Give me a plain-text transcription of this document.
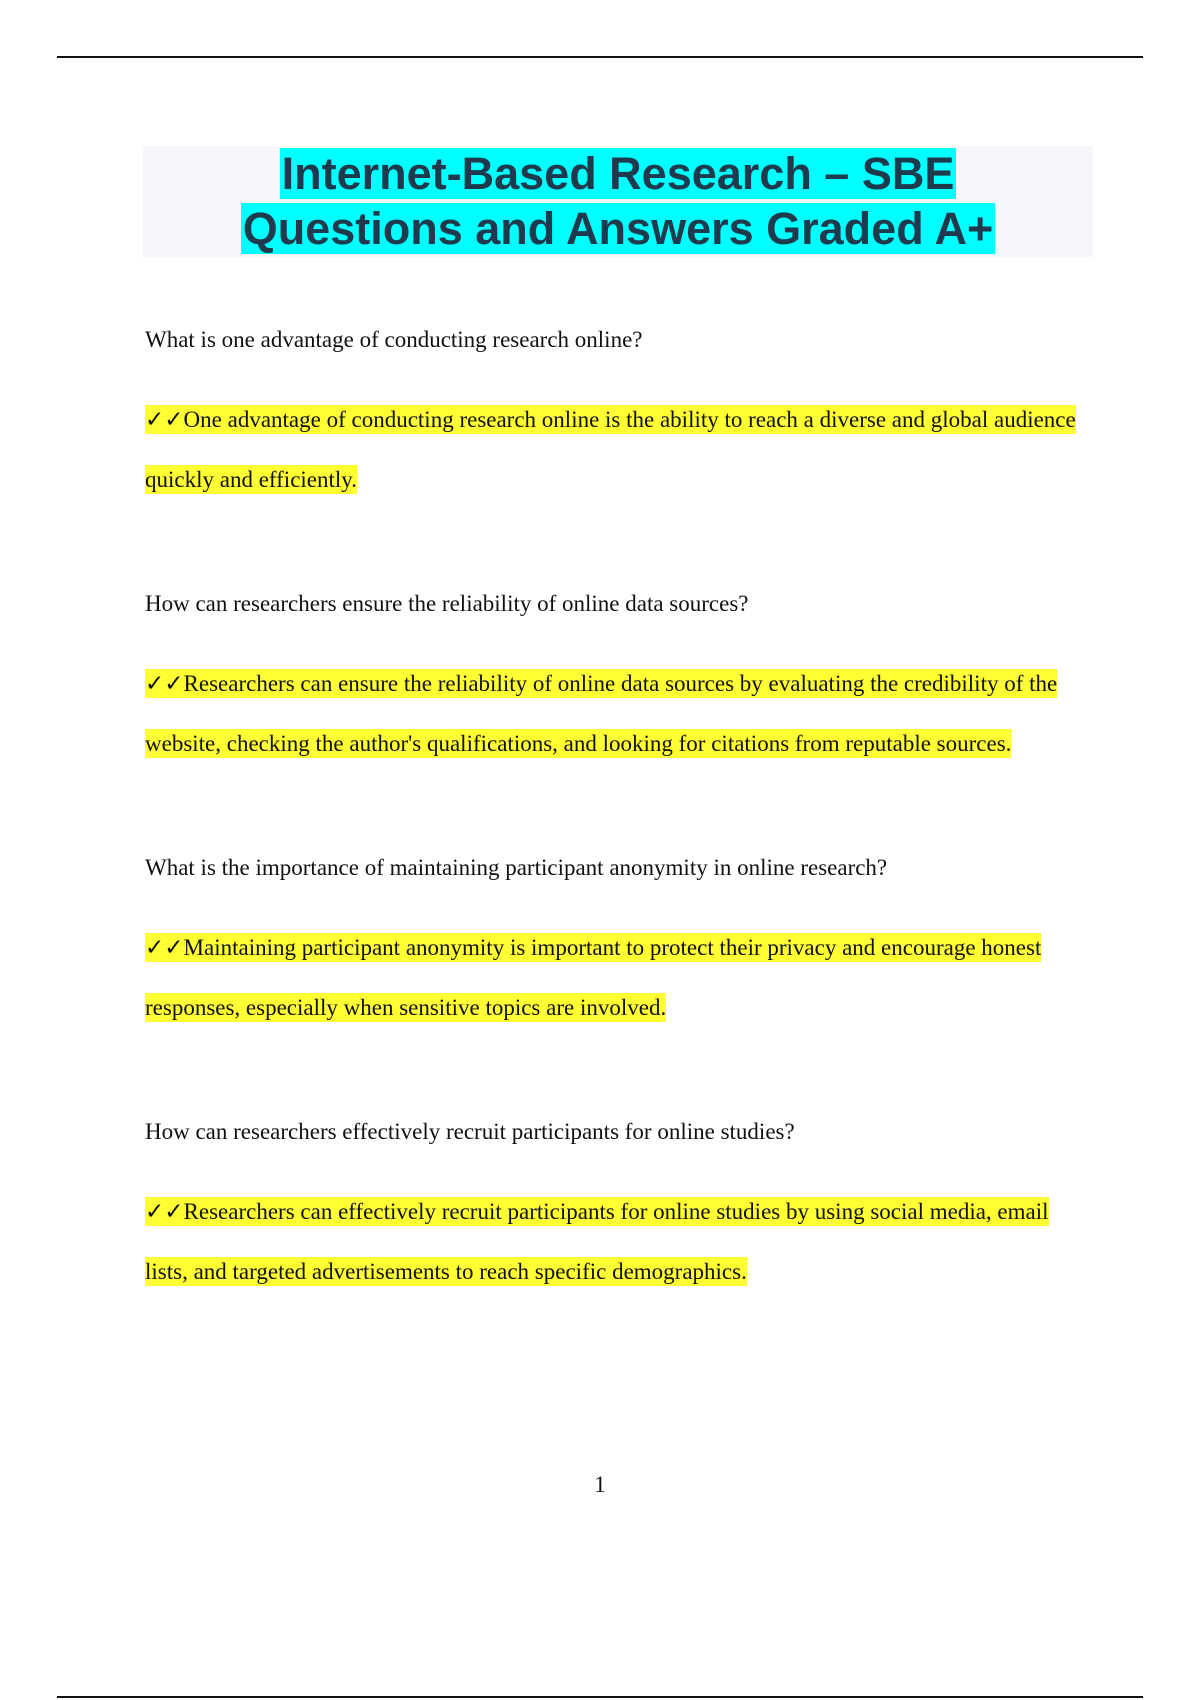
Internet-Based Research – SBE
Questions and Answers Graded A+

What is one advantage of conducting research online?

✓✓One advantage of conducting research online is the ability to reach a diverse and global audience quickly and efficiently.

How can researchers ensure the reliability of online data sources?

✓✓Researchers can ensure the reliability of online data sources by evaluating the credibility of the website, checking the author's qualifications, and looking for citations from reputable sources.

What is the importance of maintaining participant anonymity in online research?

✓✓Maintaining participant anonymity is important to protect their privacy and encourage honest responses, especially when sensitive topics are involved.

How can researchers effectively recruit participants for online studies?

✓✓Researchers can effectively recruit participants for online studies by using social media, email lists, and targeted advertisements to reach specific demographics.

1
